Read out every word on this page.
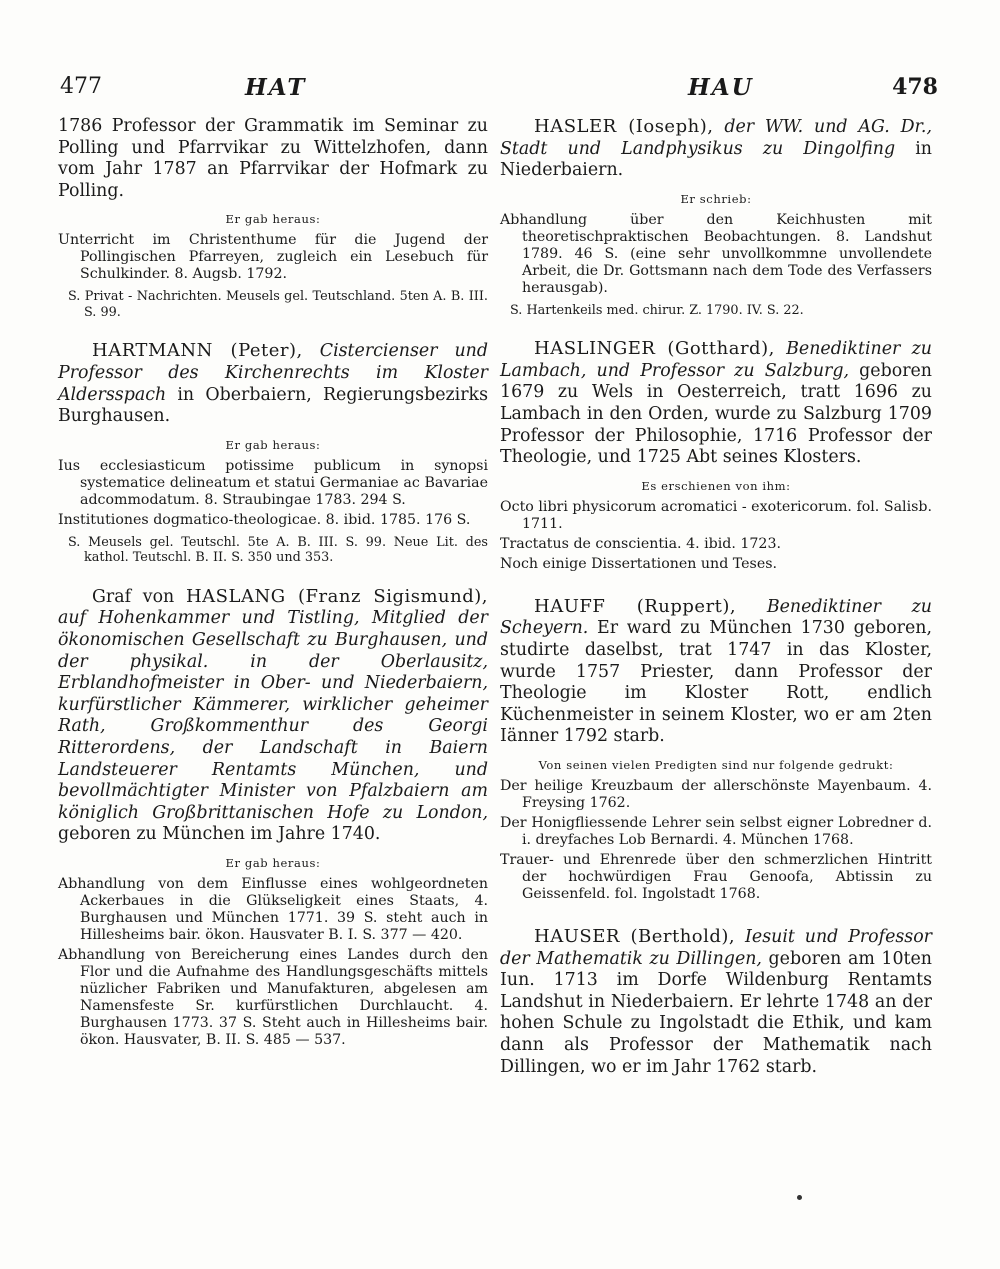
477	HAT	HAU	478

1786 Professor der Grammatik im Seminar zu Polling und Pfarrvikar zu Wittelzhofen, dann vom Jahr 1787 an Pfarrvikar der Hofmark zu Polling.

Er gab heraus:

Unterricht im Christenthume für die Jugend der Pollingischen Pfarreyen, zugleich ein Lesebuch für Schulkinder. 8. Augsb. 1792.

S. Privat - Nachrichten. Meusels gel. Teutschland. 5ten A. B. III. S. 99.

HARTMANN (Peter), Cistercienser und Professor des Kirchenrechts im Kloster Aldersspach in Oberbaiern, Regierungsbezirks Burghausen.

Er gab heraus:

Ius ecclesiasticum potissime publicum in synopsi systematice delineatum et statui Germaniae ac Bavariae adcommodatum. 8. Straubingae 1783. 294 S.

Institutiones dogmatico-theologicae. 8. ibid. 1785. 176 S.

S. Meusels gel. Teutschl. 5te A. B. III. S. 99. Neue Lit. des kathol. Teutschl. B. II. S. 350 und 353.

Graf von HASLANG (Franz Sigismund), auf Hohenkammer und Tistling, Mitglied der ökonomischen Gesellschaft zu Burghausen, und der physikal. in der Oberlausitz, Erblandhofmeister in Ober- und Niederbaiern, kurfürstlicher Kämmerer, wirklicher geheimer Rath, Großkommenthur des Georgi Ritterordens, der Landschaft in Baiern Landsteuerer Rentamts München, und bevollmächtigter Minister von Pfalzbaiern am königlich Großbrittanischen Hofe zu London, geboren zu München im Jahre 1740.

Er gab heraus:

Abhandlung von dem Einflusse eines wohlgeordneten Ackerbaues in die Glükseligkeit eines Staats, 4. Burghausen und München 1771. 39 S. steht auch in Hillesheims bair. ökon. Hausvater B. I. S. 377 — 420.

Abhandlung von Bereicherung eines Landes durch den Flor und die Aufnahme des Handlungsgeschäfts mittels nüzlicher Fabriken und Manufakturen, abgelesen am Namensfeste Sr. kurfürstlichen Durchlaucht. 4. Burghausen 1773. 37 S. Steht auch in Hillesheims bair. ökon. Hausvater, B. II. S. 485 — 537.

HASLER (Ioseph), der WW. und AG. Dr., Stadt und Landphysikus zu Dingolfing in Niederbaiern.

Er schrieb:

Abhandlung über den Keichhusten mit theoretischpraktischen Beobachtungen. 8. Landshut 1789. 46 S. (eine sehr unvollkommne unvollendete Arbeit, die Dr. Gottsmann nach dem Tode des Verfassers herausgab).

S. Hartenkeils med. chirur. Z. 1790. IV. S. 22.

HASLINGER (Gotthard), Benediktiner zu Lambach, und Professor zu Salzburg, geboren 1679 zu Wels in Oesterreich, tratt 1696 zu Lambach in den Orden, wurde zu Salzburg 1709 Professor der Philosophie, 1716 Professor der Theologie, und 1725 Abt seines Klosters.

Es erschienen von ihm:

Octo libri physicorum acromatici - exotericorum. fol. Salisb. 1711.

Tractatus de conscientia. 4. ibid. 1723.

Noch einige Dissertationen und Teses.

HAUFF (Ruppert), Benediktiner zu Scheyern. Er ward zu München 1730 geboren, studirte daselbst, trat 1747 in das Kloster, wurde 1757 Priester, dann Professor der Theologie im Kloster Rott, endlich Küchenmeister in seinem Kloster, wo er am 2ten Iänner 1792 starb.

Von seinen vielen Predigten sind nur folgende gedrukt:

Der heilige Kreuzbaum der allerschönste Mayenbaum. 4. Freysing 1762.

Der Honigfliessende Lehrer sein selbst eigner Lobredner d. i. dreyfaches Lob Bernardi. 4. München 1768.

Trauer- und Ehrenrede über den schmerzlichen Hintritt der hochwürdigen Frau Genoofa, Abtissin zu Geissenfeld. fol. Ingolstadt 1768.

HAUSER (Berthold), Iesuit und Professor der Mathematik zu Dillingen, geboren am 10ten Iun. 1713 im Dorfe Wildenburg Rentamts Landshut in Niederbaiern. Er lehrte 1748 an der hohen Schule zu Ingolstadt die Ethik, und kam dann als Professor der Mathematik nach Dillingen, wo er im Jahr 1762 starb.
